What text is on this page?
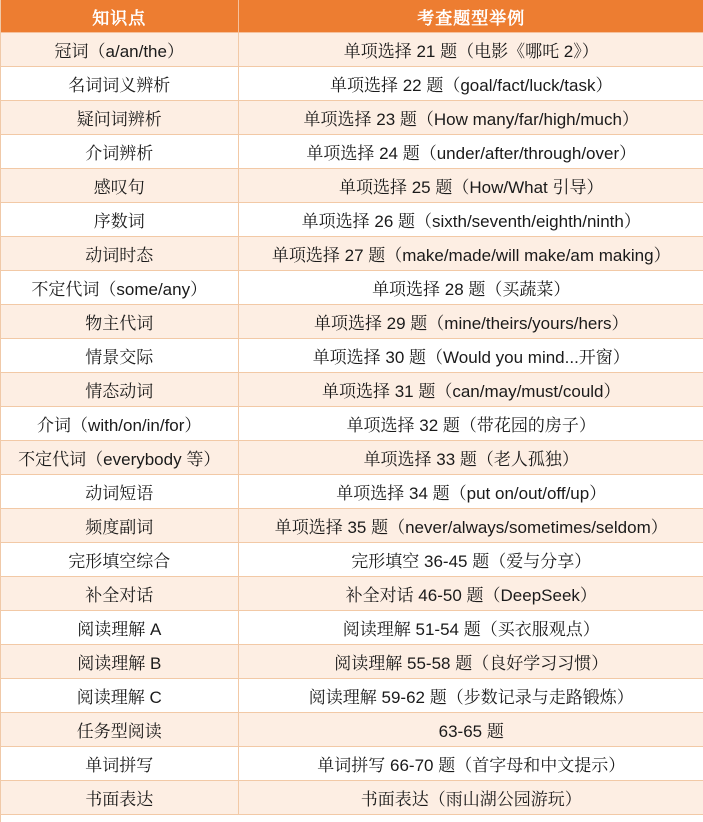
知识点	考查题型举例
冠词（a/an/the）	单项选择 21 题（电影《哪吒 2》）
名词词义辨析	单项选择 22 题（goal/fact/luck/task）
疑问词辨析	单项选择 23 题（How many/far/high/much）
介词辨析	单项选择 24 题（under/after/through/over）
感叹句	单项选择 25 题（How/What 引导）
序数词	单项选择 26 题（sixth/seventh/eighth/ninth）
动词时态	单项选择 27 题（make/made/will make/am making）
不定代词（some/any）	单项选择 28 题（买蔬菜）
物主代词	单项选择 29 题（mine/theirs/yours/hers）
情景交际	单项选择 30 题（Would you mind...开窗）
情态动词	单项选择 31 题（can/may/must/could）
介词（with/on/in/for）	单项选择 32 题（带花园的房子）
不定代词（everybody 等）	单项选择 33 题（老人孤独）
动词短语	单项选择 34 题（put on/out/off/up）
频度副词	单项选择 35 题（never/always/sometimes/seldom）
完形填空综合	完形填空 36-45 题（爱与分享）
补全对话	补全对话 46-50 题（DeepSeek）
阅读理解 A	阅读理解 51-54 题（买衣服观点）
阅读理解 B	阅读理解 55-58 题（良好学习习惯）
阅读理解 C	阅读理解 59-62 题（步数记录与走路锻炼）
任务型阅读	63-65 题
单词拼写	单词拼写 66-70 题（首字母和中文提示）
书面表达	书面表达（雨山湖公园游玩）
